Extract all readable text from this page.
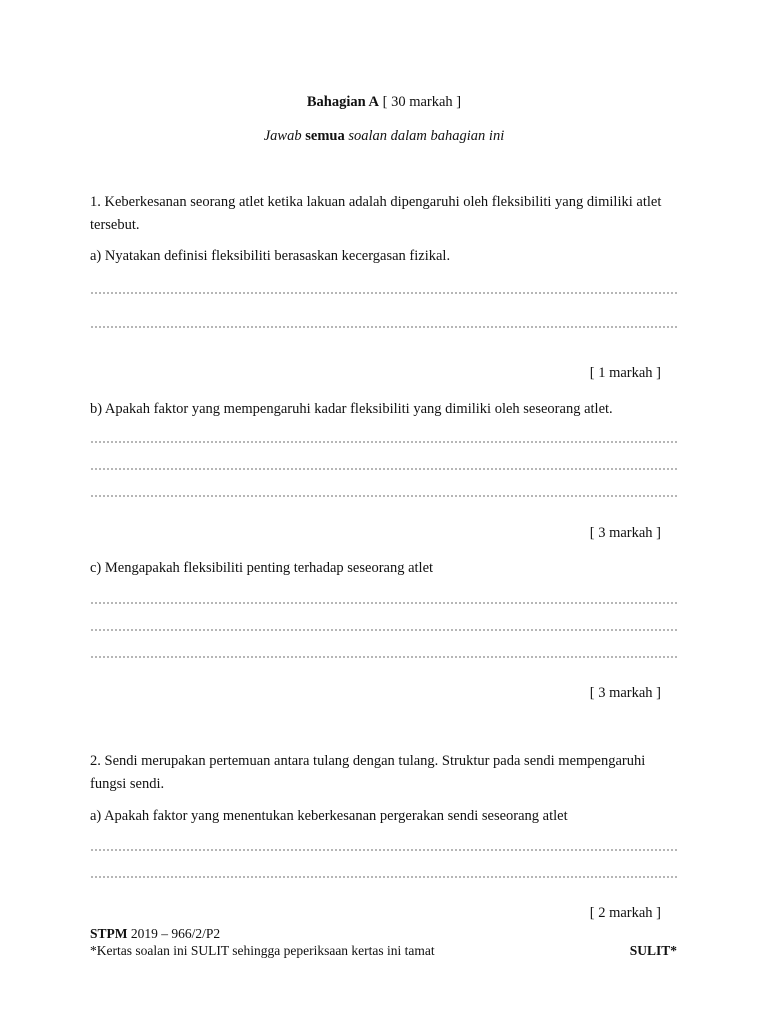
Bahagian A [ 30 markah ]
Jawab semua soalan dalam bahagian ini
1. Keberkesanan seorang atlet ketika lakuan adalah dipengaruhi oleh fleksibiliti yang dimiliki atlet tersebut.
a) Nyatakan definisi fleksibiliti berasaskan kecergasan fizikal.
[ 1 markah ]
b) Apakah faktor yang mempengaruhi kadar fleksibiliti yang dimiliki oleh seseorang atlet.
[ 3 markah ]
c) Mengapakah fleksibiliti penting terhadap seseorang atlet
[ 3 markah ]
2. Sendi merupakan pertemuan antara tulang dengan tulang. Struktur pada sendi mempengaruhi fungsi sendi.
a) Apakah faktor yang menentukan keberkesanan pergerakan sendi seseorang atlet
[ 2 markah ]
STPM 2019 – 966/2/P2
*Kertas soalan ini SULIT sehingga peperiksaan kertas ini tamat	SULIT*
